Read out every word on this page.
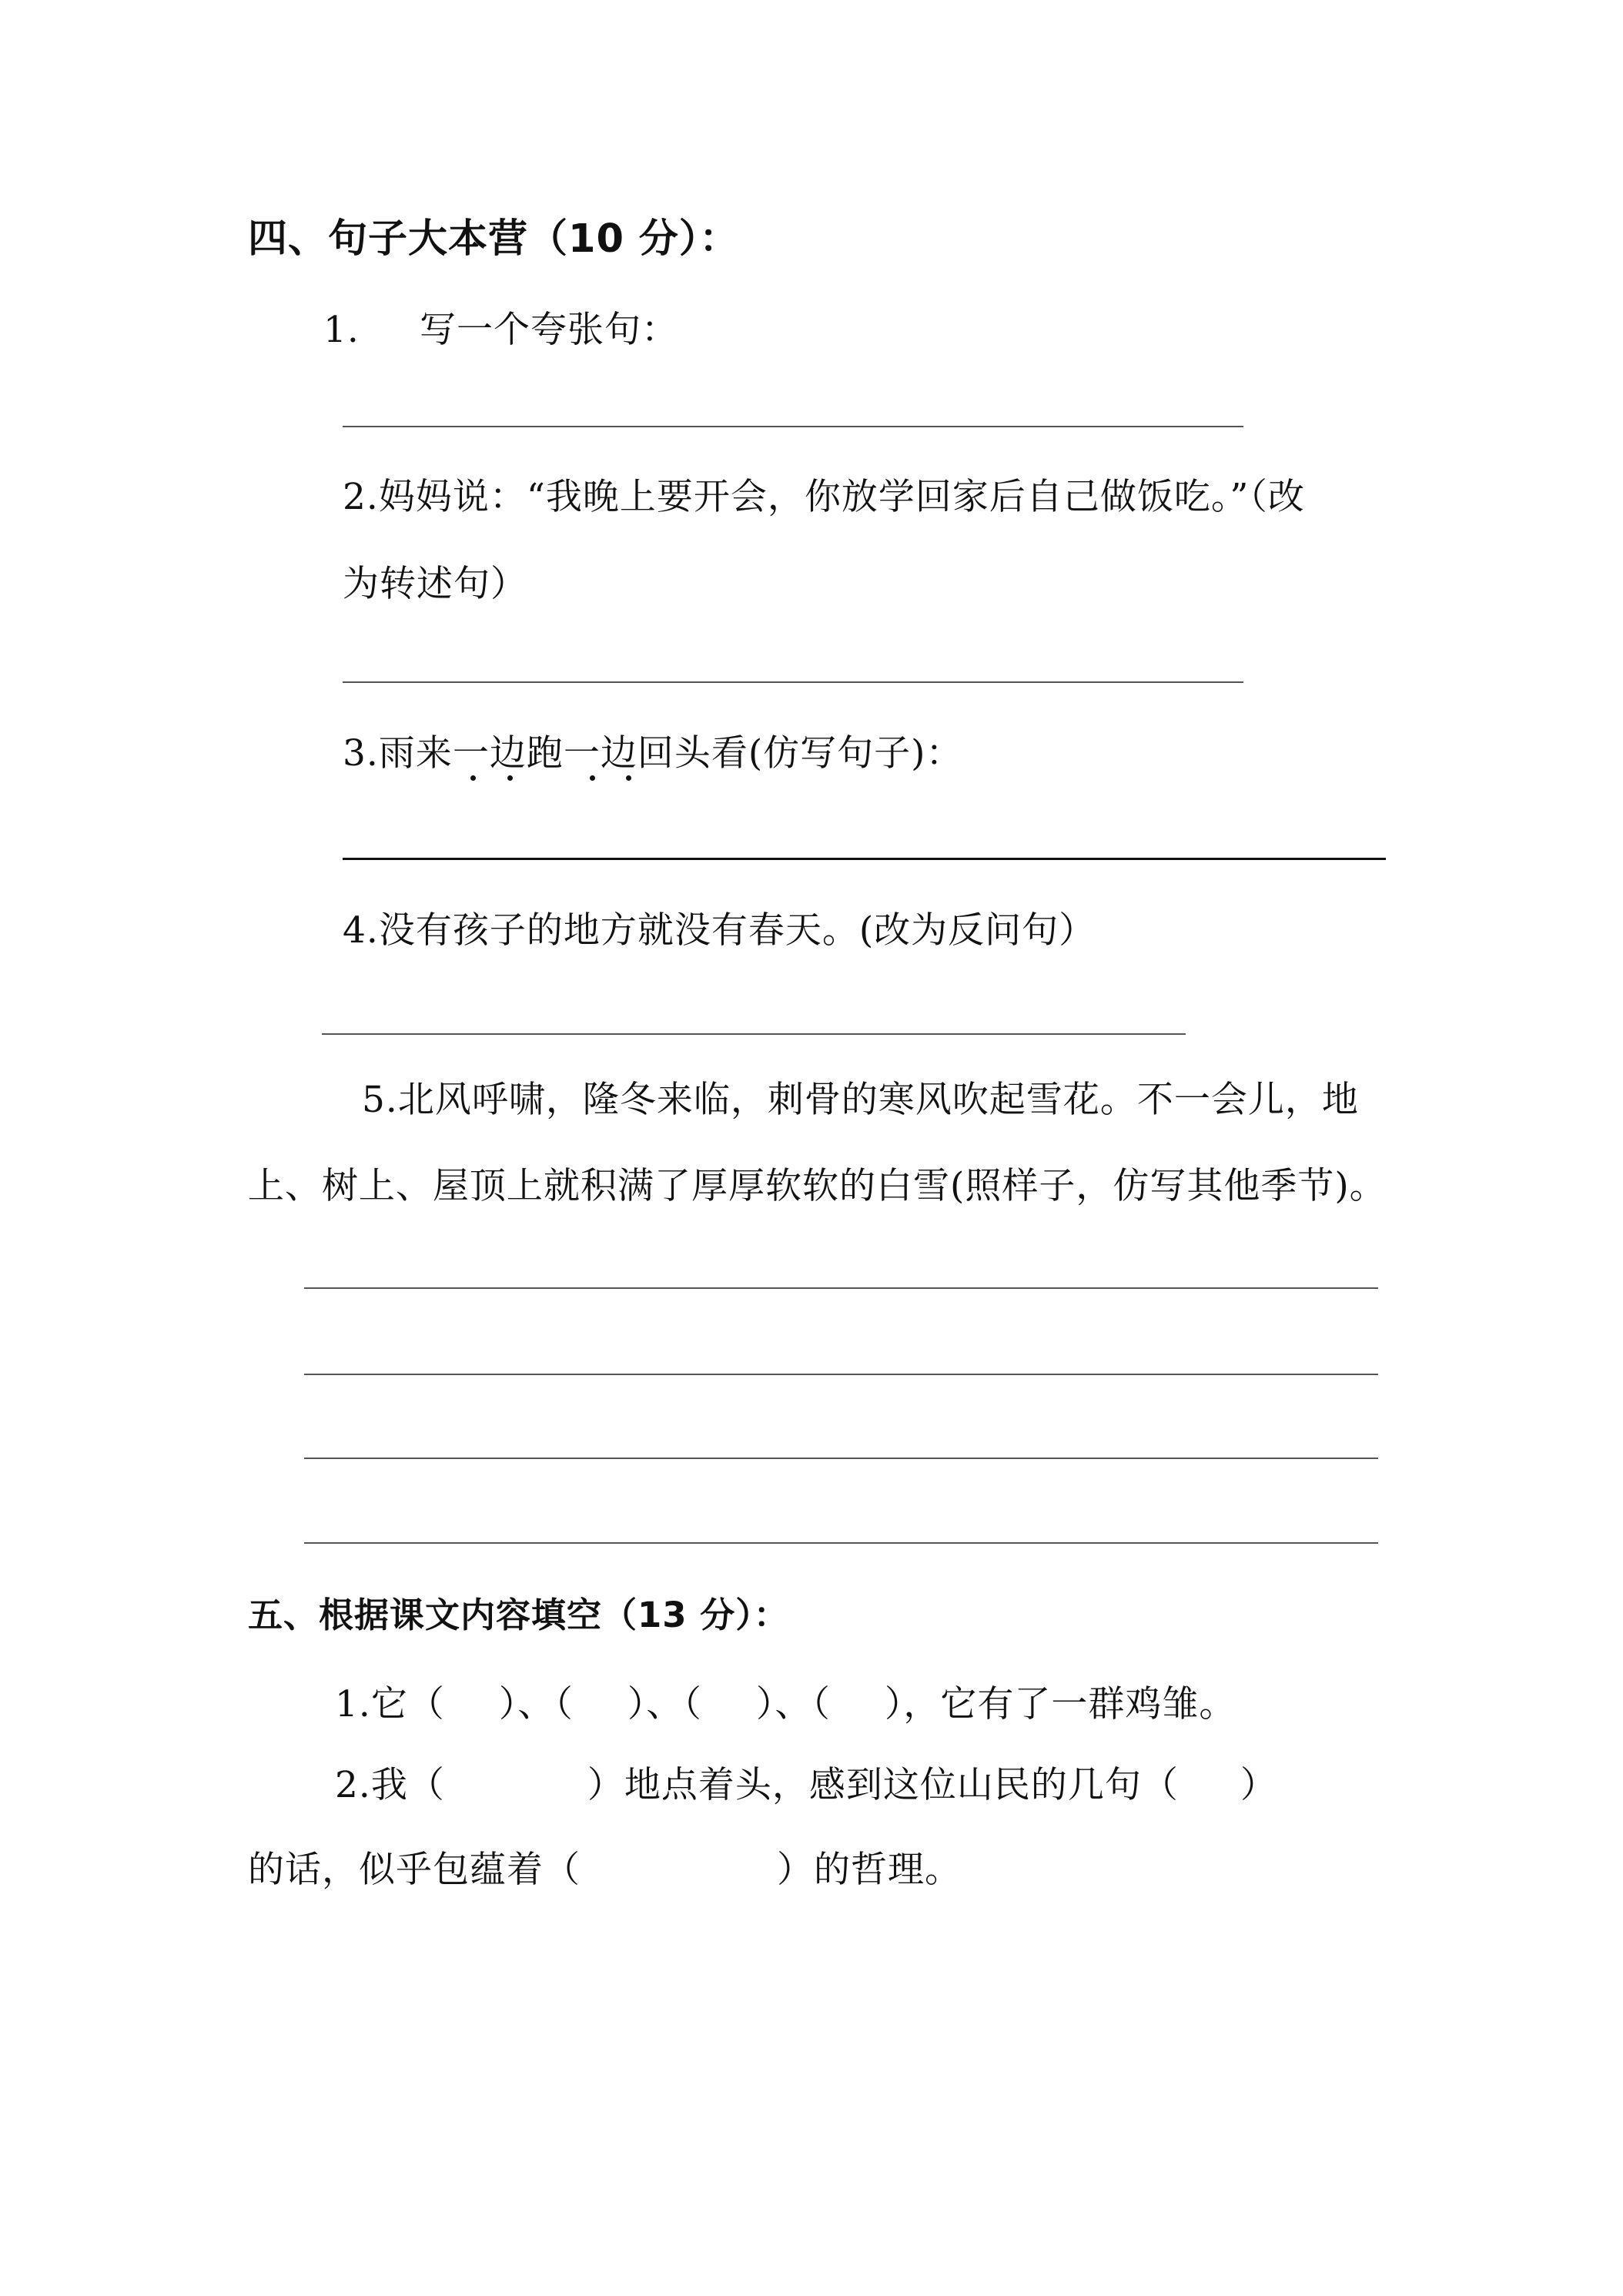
四、句子大本营（10 分）：
1. 写一个夸张句：
2.妈妈说：“我晚上要开会，你放学回家后自己做饭吃。”（改
为转述句）
3.雨来一边跑一边回头看(仿写句子)：
4.没有孩子的地方就没有春天。(改为反问句）
5.北风呼啸，隆冬来临，刺骨的寒风吹起雪花。不一会儿，地
上、树上、屋顶上就积满了厚厚软软的白雪(照样子，仿写其他季节)。
五、根据课文内容填空（13 分）：
1.它（ ）、（ ）、（ ）、（ ），它有了一群鸡雏。
2.我（	）地点着头，感到这位山民的几句（ ）
的话，似乎包蕴着（	）的哲理。
